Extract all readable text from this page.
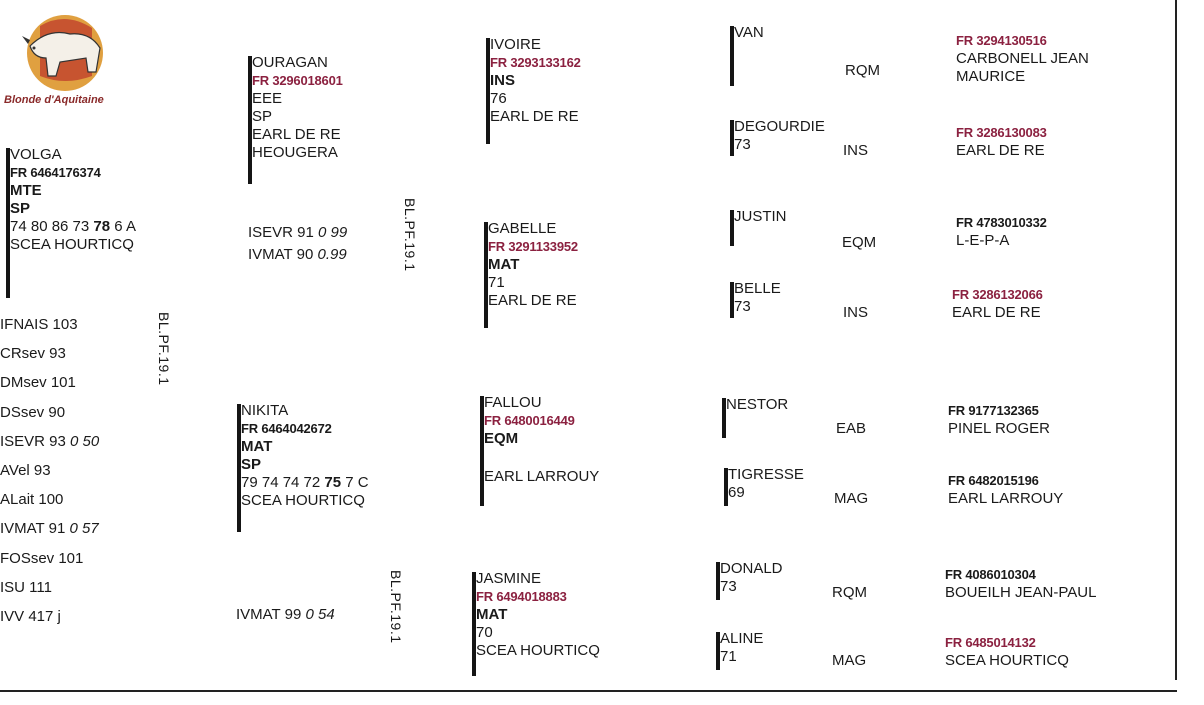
Blonde d'Aquitaine
VOLGA
FR 6464176374
MTE
SP
74 80 86 73 78 6 A
SCEA HOURTICQ
IFNAIS 103
CRsev 93
DMsev 101
DSsev 90
ISEVR 93 0 50
AVel 93
ALait 100
IVMAT 91 0 57
FOSsev 101
ISU 111
IVV 417 j
BL.PF.19.1
BL.PF.19.1
BL.PF.19.1
OURAGAN
FR 3296018601
EEE
SP
EARL DE RE
HEOUGERA
ISEVR 91 0 99
IVMAT 90 0.99
NIKITA
FR 6464042672
MAT
SP
79 74 74 72 75 7 C
SCEA HOURTICQ
IVMAT 99 0 54
IVOIRE
FR 3293133162
INS
76
EARL DE RE
GABELLE
FR 3291133952
MAT
71
EARL DE RE
FALLOU
FR 6480016449
EQM
EARL LARROUY
JASMINE
FR 6494018883
MAT
70
SCEA HOURTICQ
VAN
RQM
FR 3294130516
CARBONELL JEAN
MAURICE
DEGOURDIE
73	INS
FR 3286130083
EARL DE RE
JUSTIN
EQM
FR 4783010332
L-E-P-A
BELLE
73	INS
FR 3286132066
EARL DE RE
NESTOR
EAB
FR 9177132365
PINEL ROGER
TIGRESSE
69	MAG
FR 6482015196
EARL LARROUY
DONALD
73	RQM
FR 4086010304
BOUEILH JEAN-PAUL
ALINE
71	MAG
FR 6485014132
SCEA HOURTICQ
